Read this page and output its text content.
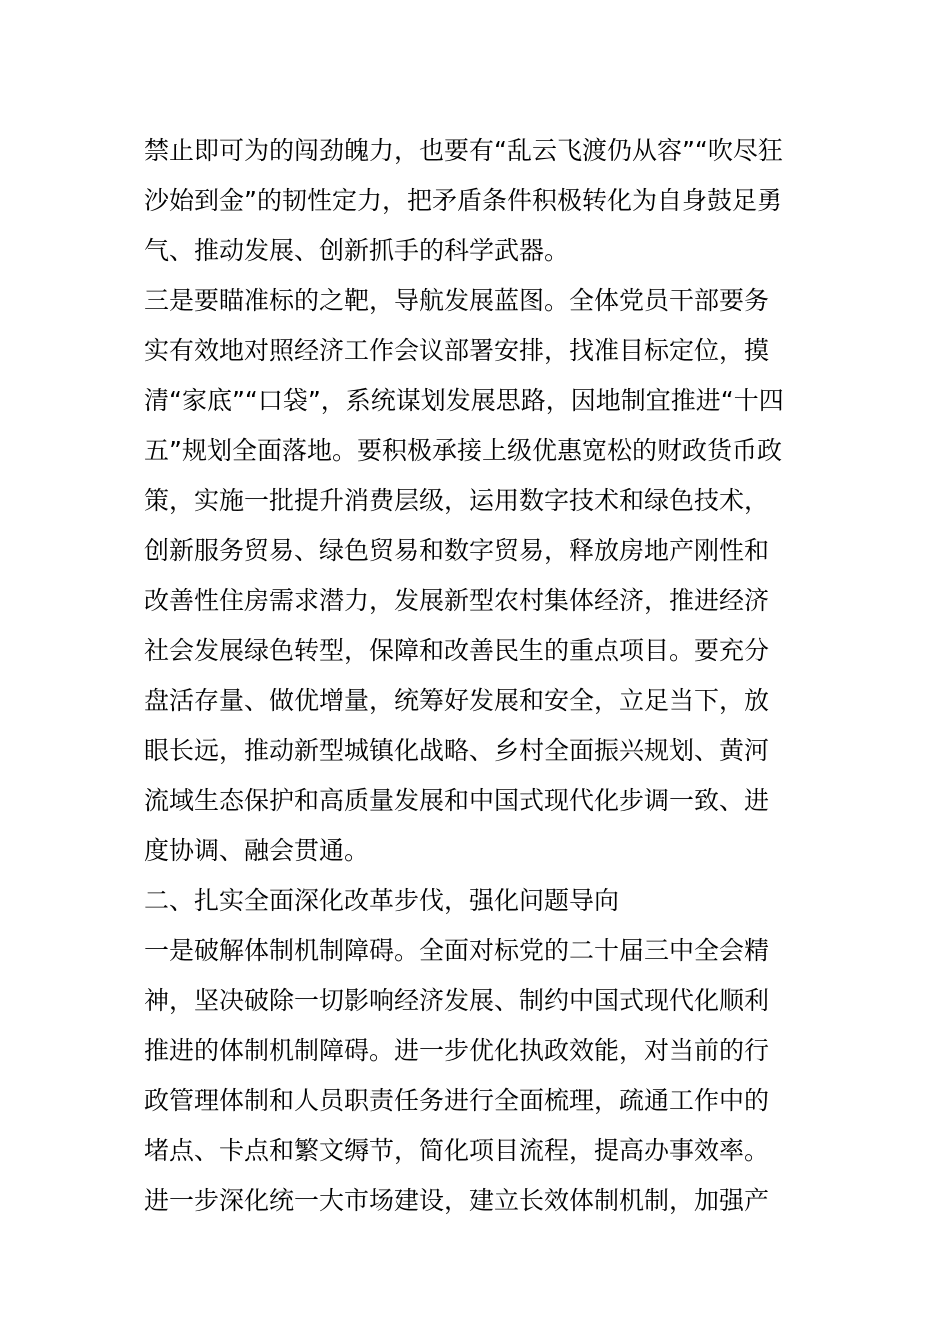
禁止即可为的闯劲魄力，也要有“乱云飞渡仍从容”“吹尽狂
沙始到金”的韧性定力，把矛盾条件积极转化为自身鼓足勇
气、推动发展、创新抓手的科学武器。
三是要瞄准标的之靶，导航发展蓝图。全体党员干部要务
实有效地对照经济工作会议部署安排，找准目标定位，摸
清“家底”“口袋”，系统谋划发展思路，因地制宜推进“十四
五”规划全面落地。要积极承接上级优惠宽松的财政货币政
策，实施一批提升消费层级，运用数字技术和绿色技术，
创新服务贸易、绿色贸易和数字贸易，释放房地产刚性和
改善性住房需求潜力，发展新型农村集体经济，推进经济
社会发展绿色转型，保障和改善民生的重点项目。要充分
盘活存量、做优增量，统筹好发展和安全，立足当下，放
眼长远，推动新型城镇化战略、乡村全面振兴规划、黄河
流域生态保护和高质量发展和中国式现代化步调一致、进
度协调、融会贯通。
二、扎实全面深化改革步伐，强化问题导向
一是破解体制机制障碍。全面对标党的二十届三中全会精
神，坚决破除一切影响经济发展、制约中国式现代化顺利
推进的体制机制障碍。进一步优化执政效能，对当前的行
政管理体制和人员职责任务进行全面梳理，疏通工作中的
堵点、卡点和繁文缛节，简化项目流程，提高办事效率。
进一步深化统一大市场建设，建立长效体制机制，加强产
